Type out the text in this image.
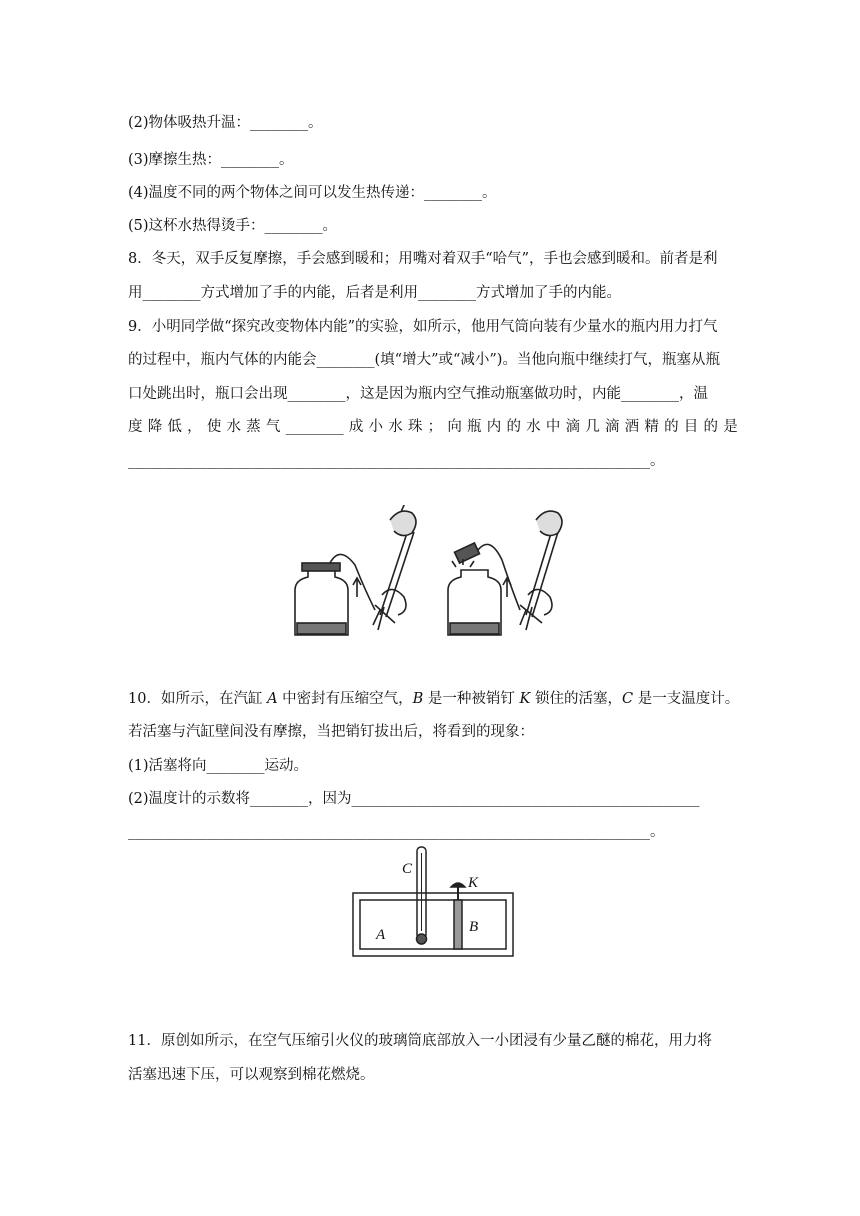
(2)物体吸热升温：________。
(3)摩擦生热：________。
(4)温度不同的两个物体之间可以发生热传递：________。
(5)这杯水热得烫手：________。
8．冬天，双手反复摩擦，手会感到暖和；用嘴对着双手“哈气”，手也会感到暖和。前者是利
用________方式增加了手的内能，后者是利用________方式增加了手的内能。
9．小明同学做“探究改变物体内能”的实验，如所示，他用气筒向装有少量水的瓶内用力打气
的过程中，瓶内气体的内能会________(填“增大”或“减小”)。当他向瓶中继续打气，瓶塞从瓶
口处跳出时，瓶口会出现________，这是因为瓶内空气推动瓶塞做功时，内能________，温
度 降 低 ， 使 水 蒸 气 ________ 成 小 水 珠 ； 向 瓶 内 的 水 中 滴 几 滴 酒 精 的 目 的 是
________________________________________________________________________。
10．如所示，在汽缸 A 中密封有压缩空气，B 是一种被销钉 K 锁住的活塞，C 是一支温度计。
若活塞与汽缸壁间没有摩擦，当把销钉拔出后，将看到的现象：
(1)活塞将向________运动。
(2)温度计的示数将________，因为________________________________________________
________________________________________________________________________。
C
K
A	B
11．原创如所示，在空气压缩引火仪的玻璃筒底部放入一小团浸有少量乙醚的棉花，用力将
活塞迅速下压，可以观察到棉花燃烧。
